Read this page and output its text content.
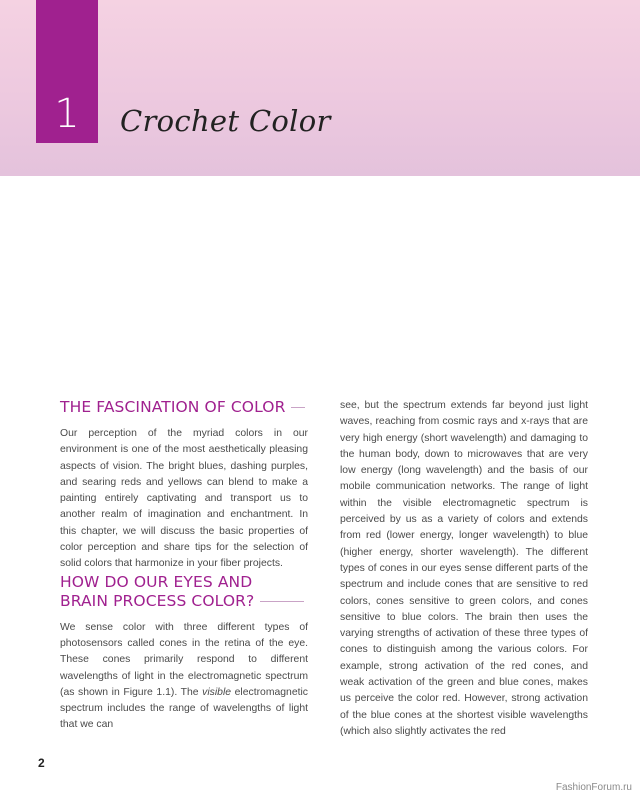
1	Crochet Color
THE FASCINATION OF COLOR

Our perception of the myriad colors in our environment is one of the most aesthetically pleasing aspects of vision. The bright blues, dashing purples, and searing reds and yellows can blend to make a painting entirely captivating and transport us to another realm of imagination and enchantment. In this chapter, we will discuss the basic properties of color perception and share tips for the selection of solid colors that harmonize in your fiber projects.

HOW DO OUR EYES AND
BRAIN PROCESS COLOR?

We sense color with three different types of photosensors called cones in the retina of the eye. These cones primarily respond to different wavelengths of light in the electromagnetic spectrum (as shown in Figure 1.1). The visible electromagnetic spectrum includes the range of wavelengths of light that we can

see, but the spectrum extends far beyond just light waves, reaching from cosmic rays and x-rays that are very high energy (short wavelength) and damaging to the human body, down to microwaves that are very low energy (long wavelength) and the basis of our mobile communication networks. The range of light within the visible electromagnetic spectrum is perceived by us as a variety of colors and extends from red (lower energy, longer wavelength) to blue (higher energy, shorter wavelength). The different types of cones in our eyes sense different parts of the spectrum and include cones that are sensitive to red colors, cones sensitive to green colors, and cones sensitive to blue colors. The brain then uses the varying strengths of activation of these three types of cones to distinguish among the various colors. For example, strong activation of the red cones, and weak activation of the green and blue cones, makes us perceive the color red. However, strong activation of the blue cones at the shortest visible wavelengths (which also slightly activates the red

2
FashionForum.ru
